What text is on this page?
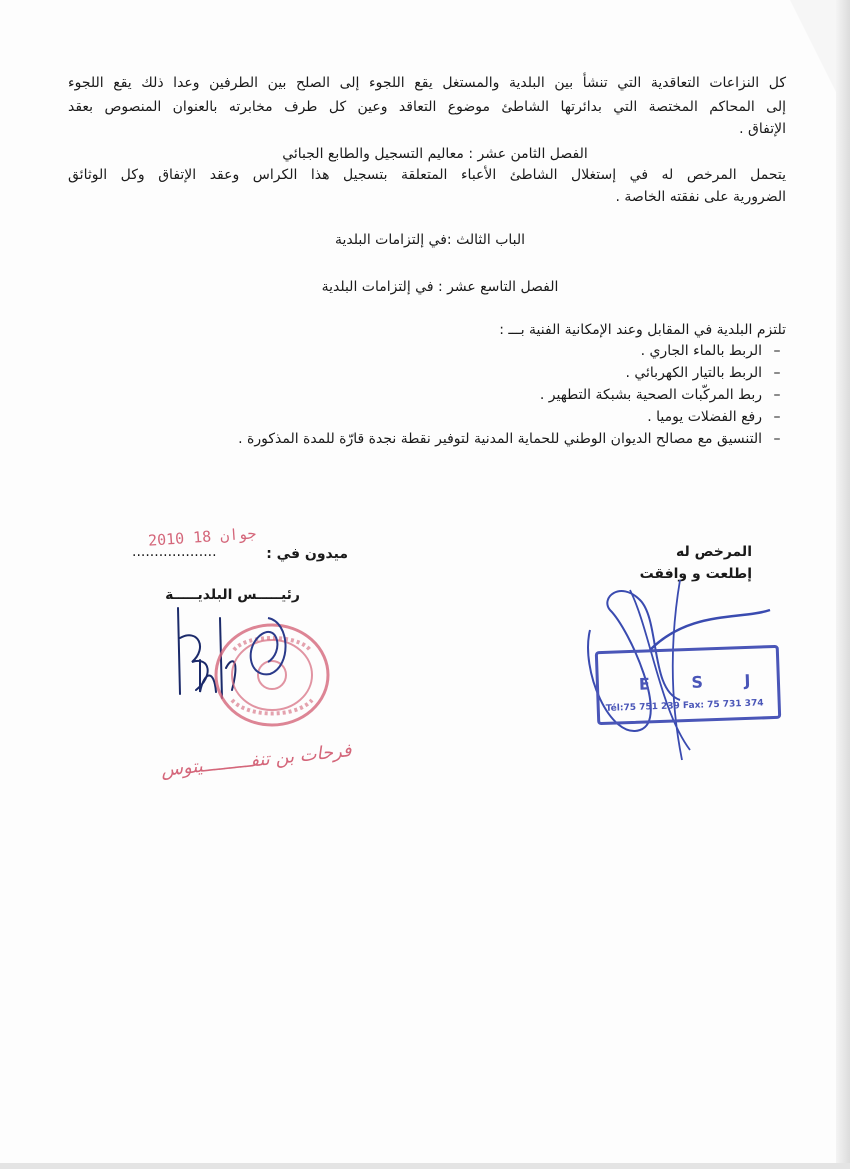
كل النزاعات التعاقدية التي تنشأ بين البلدية والمستغل يقع اللجوء إلى الصلح بين الطرفين وعدا ذلك يقع اللجوء
إلى المحاكم المختصة التي بدائرتها الشاطئ موضوع التعاقد وعين كل طرف مخابرته بالعنوان المنصوص بعقد
الإتفاق .
الفصل الثامن عشر : معاليم التسجيل والطابع الجبائي
يتحمل المرخص له في إستغلال الشاطئ الأعباء المتعلقة بتسجيل هذا الكراس وعقد الإتفاق وكل الوثائق
الضرورية على نفقته الخاصة .
الباب الثالث :في إلتزامات البلدية
الفصل التاسع عشر : في إلتزامات البلدية
تلتزم البلدية في المقابل وعند الإمكانية الفنية بـــ :
–الربط بالماء الجاري .
–الربط بالتيار الكهربائي .
–ربط المركّبات الصحية بشبكة التطهير .
–رفع الفضلات يوميا .
–التنسيق مع مصالح الديوان الوطني للحماية المدنية لتوفير نقطة نجدة قارّة للمدة المذكورة .
ميدون في :
...................
2010 جوان 18
رئيـــــس البلديـــــة
فرحات بن تنفـــــــــيتوس
المرخص له
إطلعت و وافقت
E S J
Tél:75 751 239 Fax: 75 731 374
